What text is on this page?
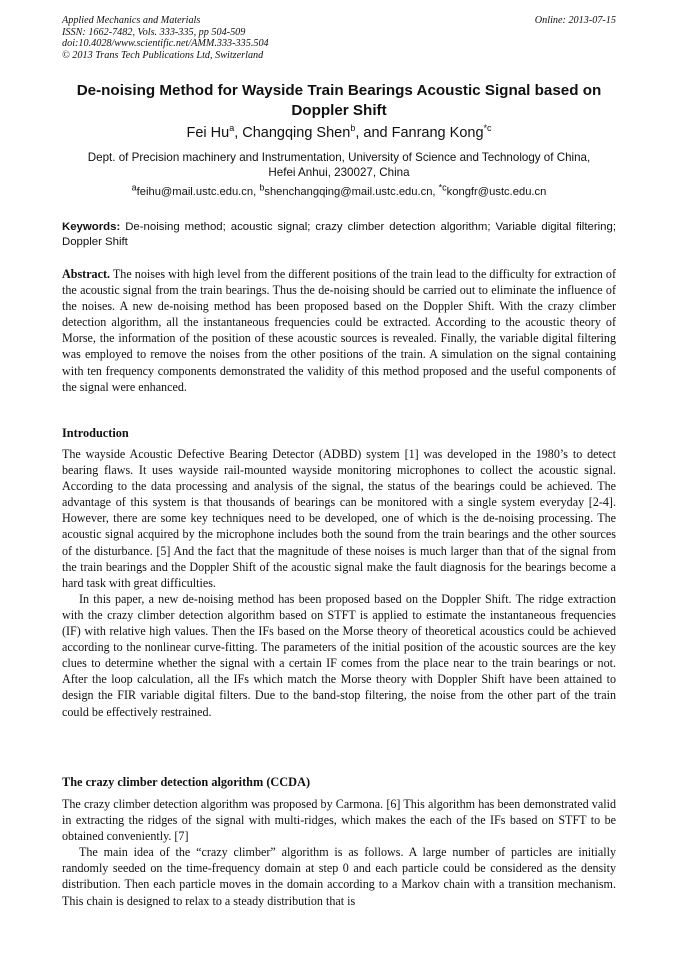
Applied Mechanics and Materials
ISSN: 1662-7482, Vols. 333-335, pp 504-509
doi:10.4028/www.scientific.net/AMM.333-335.504
© 2013 Trans Tech Publications Ltd, Switzerland
Online: 2013-07-15
De-noising Method for Wayside Train Bearings Acoustic Signal based on
Doppler Shift
Fei Hu$^a$, Changqing Shen$^b$, and Fanrang Kong$^{*c}$
Dept. of Precision machinery and Instrumentation, University of Science and Technology of China,
Hefei Anhui, 230027, China
$^a$feihu@mail.ustc.edu.cn, $^b$shenchangqing@mail.ustc.edu.cn, $^{*c}$kongfr@ustc.edu.cn
Keywords: De-noising method; acoustic signal; crazy climber detection algorithm; Variable digital filtering; Doppler Shift

Abstract. The noises with high level from the different positions of the train lead to the difficulty for extraction of the acoustic signal from the train bearings. Thus the de-noising should be carried out to eliminate the influence of the noises. A new de-noising method has been proposed based on the Doppler Shift. With the crazy climber detection algorithm, all the instantaneous frequencies could be extracted. According to the acoustic theory of Morse, the information of the position of these acoustic sources is revealed. Finally, the variable digital filtering was employed to remove the noises from the other positions of the train. A simulation on the signal containing with ten frequency components demonstrated the validity of this method proposed and the useful components of the signal were enhanced.

Introduction

The wayside Acoustic Defective Bearing Detector (ADBD) system [1] was developed in the 1980’s to detect bearing flaws. It uses wayside rail-mounted wayside monitoring microphones to collect the acoustic signal. According to the data processing and analysis of the signal, the status of the bearings could be achieved. The advantage of this system is that thousands of bearings can be monitored with a single system everyday [2-4]. However, there are some key techniques need to be developed, one of which is the de-noising processing. The acoustic signal acquired by the microphone includes both the sound from the train bearings and the other sources of the disturbance. [5] And the fact that the magnitude of these noises is much larger than that of the signal from the train bearings and the Doppler Shift of the acoustic signal make the fault diagnosis for the bearings become a hard task with great difficulties.

In this paper, a new de-noising method has been proposed based on the Doppler Shift. The ridge extraction with the crazy climber detection algorithm based on STFT is applied to estimate the instantaneous frequencies (IF) with relative high values. Then the IFs based on the Morse theory of theoretical acoustics could be achieved according to the nonlinear curve-fitting. The parameters of the initial position of the acoustic sources are the key clues to determine whether the signal with a certain IF comes from the place near to the train bearings or not. After the loop calculation, all the IFs which match the Morse theory with Doppler Shift have been attained to design the FIR variable digital filters. Due to the band-stop filtering, the noise from the other part of the train could be effectively restrained.

The crazy climber detection algorithm (CCDA)

The crazy climber detection algorithm was proposed by Carmona. [6] This algorithm has been demonstrated valid in extracting the ridges of the signal with multi-ridges, which makes the each of the IFs based on STFT to be obtained conveniently. [7]

The main idea of the “crazy climber” algorithm is as follows. A large number of particles are initially randomly seeded on the time-frequency domain at step 0 and each particle could be considered as the density distribution. Then each particle moves in the domain according to a Markov chain with a transition mechanism. This chain is designed to relax to a steady distribution that is
